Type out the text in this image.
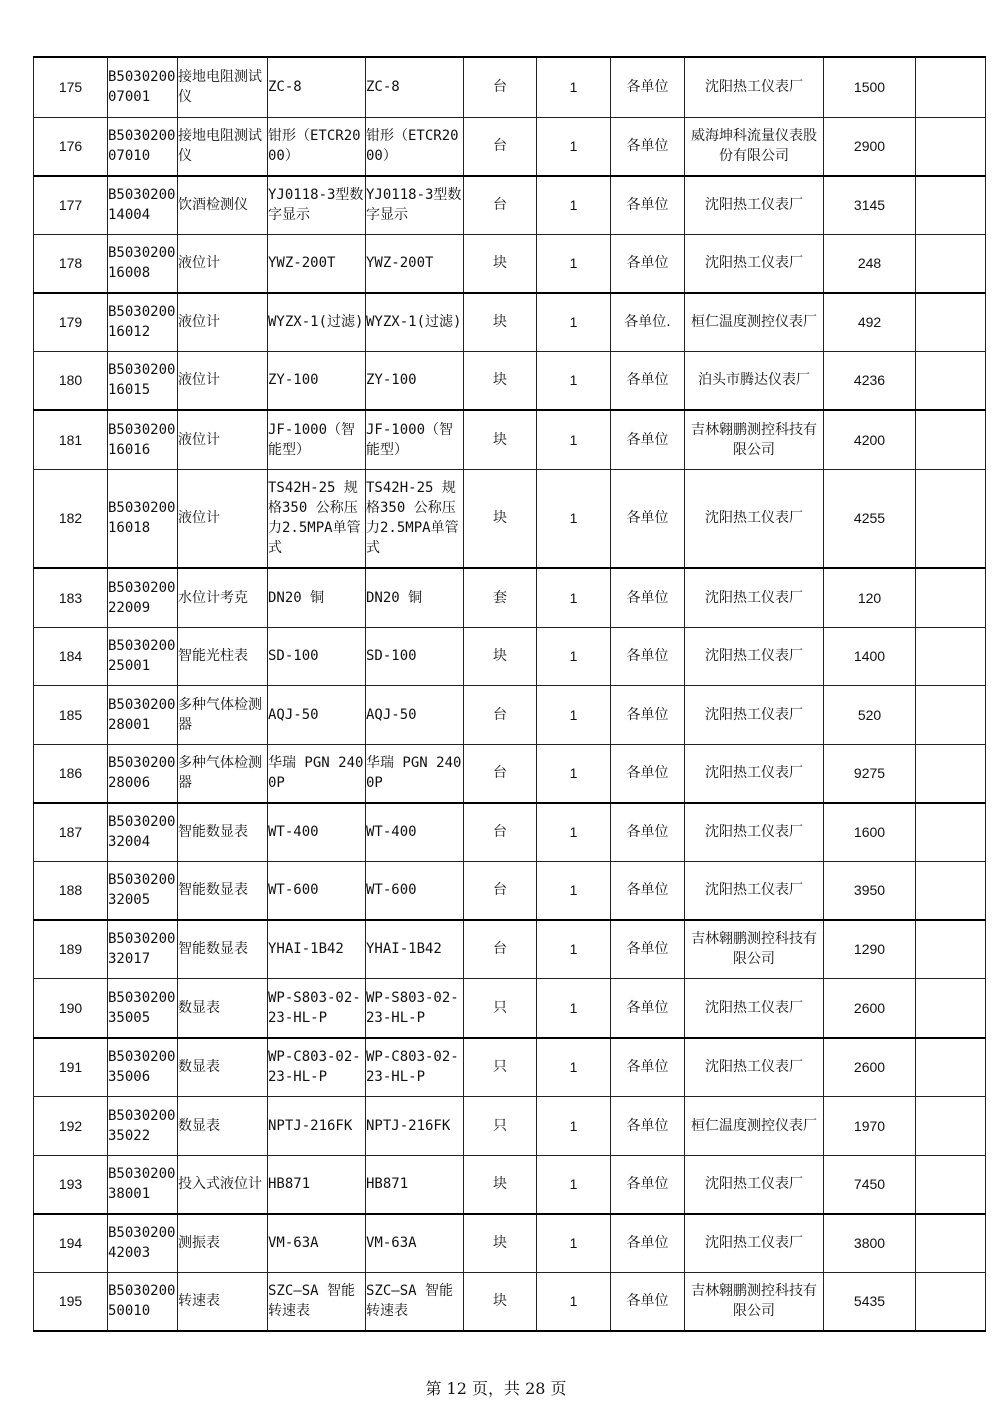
175	B503020007001	接地电阻测试仪	ZC-8	ZC-8	台	1	各单位	沈阳热工仪表厂	1500	
176	B503020007010	接地电阻测试仪	钳形（ETCR2000）	钳形（ETCR2000）	台	1	各单位	威海坤科流量仪表股份有限公司	2900	
177	B503020014004	饮酒检测仪	YJ0118-3型数字显示	YJ0118-3型数字显示	台	1	各单位	沈阳热工仪表厂	3145	
178	B503020016008	液位计	YWZ-200T	YWZ-200T	块	1	各单位	沈阳热工仪表厂	248	
179	B503020016012	液位计	WYZX-1(过滤)	WYZX-1(过滤)	块	1	各单位.	桓仁温度测控仪表厂	492	
180	B503020016015	液位计	ZY-100	ZY-100	块	1	各单位	泊头市腾达仪表厂	4236	
181	B503020016016	液位计	JF-1000（智能型）	JF-1000（智能型）	块	1	各单位	吉林翱鹏测控科技有限公司	4200	
182	B503020016018	液位计	TS42H-25 规格350 公称压力2.5MPA单管式	TS42H-25 规格350 公称压力2.5MPA单管式	块	1	各单位	沈阳热工仪表厂	4255	
183	B503020022009	水位计考克	DN20 铜	DN20 铜	套	1	各单位	沈阳热工仪表厂	120	
184	B503020025001	智能光柱表	SD-100	SD-100	块	1	各单位	沈阳热工仪表厂	1400	
185	B503020028001	多种气体检测器	AQJ-50	AQJ-50	台	1	各单位	沈阳热工仪表厂	520	
186	B503020028006	多种气体检测器	华瑞 PGN 2400P	华瑞 PGN 2400P	台	1	各单位	沈阳热工仪表厂	9275	
187	B503020032004	智能数显表	WT-400	WT-400	台	1	各单位	沈阳热工仪表厂	1600	
188	B503020032005	智能数显表	WT-600	WT-600	台	1	各单位	沈阳热工仪表厂	3950	
189	B503020032017	智能数显表	YHAI-1B42	YHAI-1B42	台	1	各单位	吉林翱鹏测控科技有限公司	1290	
190	B503020035005	数显表	WP-S803-02-23-HL-P	WP-S803-02-23-HL-P	只	1	各单位	沈阳热工仪表厂	2600	
191	B503020035006	数显表	WP-C803-02-23-HL-P	WP-C803-02-23-HL-P	只	1	各单位	沈阳热工仪表厂	2600	
192	B503020035022	数显表	NPTJ-216FK	NPTJ-216FK	只	1	各单位	桓仁温度测控仪表厂	1970	
193	B503020038001	投入式液位计	HB871	HB871	块	1	各单位	沈阳热工仪表厂	7450	
194	B503020042003	测振表	VM-63A	VM-63A	块	1	各单位	沈阳热工仪表厂	3800	
195	B503020050010	转速表	SZC—SA 智能转速表	SZC—SA 智能转速表	块	1	各单位	吉林翱鹏测控科技有限公司	5435	
第 12 页，共 28 页
